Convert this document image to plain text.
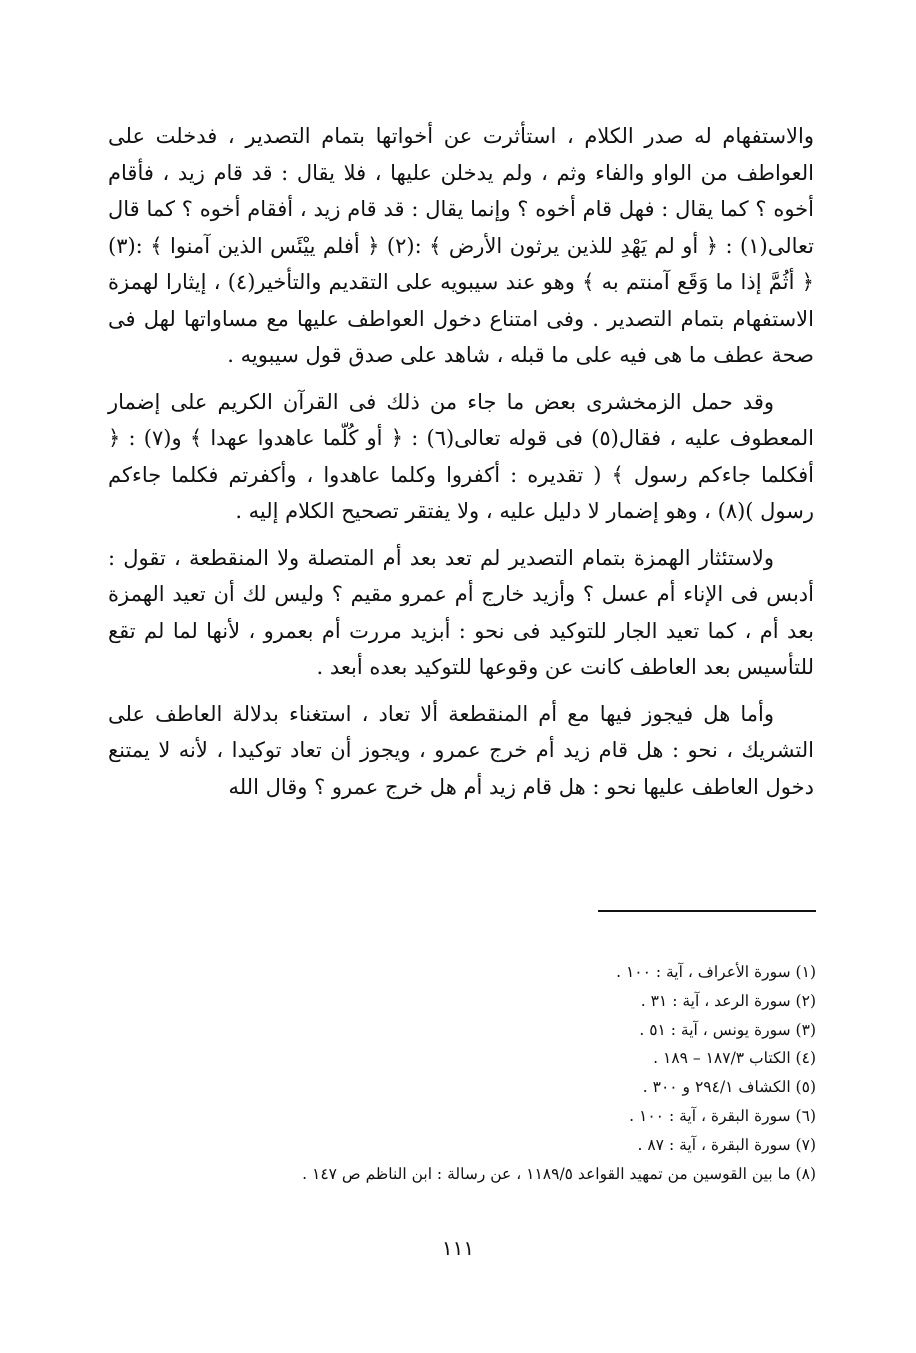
والاستفهام له صدر الكلام ، استأثرت عن أخواتها بتمام التصدير ، فدخلت على العواطف من الواو والفاء وثم ، ولم يدخلن عليها ، فلا يقال : قد قام زيد ، فأقام أخوه ؟ كما يقال : فهل قام أخوه ؟ وإنما يقال : قد قام زيد ، أفقام أخوه ؟ كما قال تعالى(١) : ﴿ أو لم يَهْدِ للذين يرثون الأرض ﴾ :(٢) ﴿ أفلم ييْئَس الذين آمنوا ﴾ :(٣) ﴿ أثُمَّ إذا ما وَقَع آمنتم به ﴾ وهو عند سيبويه على التقديم والتأخير(٤) ، إيثارا لهمزة الاستفهام بتمام التصدير . وفى امتناع دخول العواطف عليها مع مساواتها لهل فى صحة عطف ما هى فيه على ما قبله ، شاهد على صدق قول سيبويه .

وقد حمل الزمخشرى بعض ما جاء من ذلك فى القرآن الكريم على إضمار المعطوف عليه ، فقال(٥) فى قوله تعالى(٦) : ﴿ أو كُلّما عاهدوا عهدا ﴾ و(٧) : ﴿ أفكلما جاءكم رسول ﴾ ( تقديره : أكفروا وكلما عاهدوا ، وأكفرتم فكلما جاءكم رسول )(٨) ، وهو إضمار لا دليل عليه ، ولا يفتقر تصحيح الكلام إليه .

ولاستئثار الهمزة بتمام التصدير لم تعد بعد أم المتصلة ولا المنقطعة ، تقول : أدبس فى الإناء أم عسل ؟ وأزيد خارج أم عمرو مقيم ؟ وليس لك أن تعيد الهمزة بعد أم ، كما تعيد الجار للتوكيد فى نحو : أبزيد مررت أم بعمرو ، لأنها لما لم تقع للتأسيس بعد العاطف كانت عن وقوعها للتوكيد بعده أبعد .

وأما هل فيجوز فيها مع أم المنقطعة ألا تعاد ، استغناء بدلالة العاطف على التشريك ، نحو : هل قام زيد أم خرج عمرو ، ويجوز أن تعاد توكيدا ، لأنه لا يمتنع دخول العاطف عليها نحو : هل قام زيد أم هل خرج عمرو ؟ وقال الله

(١) سورة الأعراف ، آية : ١٠٠ .
(٢) سورة الرعد ، آية : ٣١ .
(٣) سورة يونس ، آية : ٥١ .
(٤) الكتاب ١٨٧/٣ – ١٨٩ .
(٥) الكشاف ٢٩٤/١ و ٣٠٠ .
(٦) سورة البقرة ، آية : ١٠٠ .
(٧) سورة البقرة ، آية : ٨٧ .
(٨) ما بين القوسين من تمهيد القواعد ١١٨٩/٥ ، عن رسالة : ابن الناظم ص ١٤٧ .
١١١
